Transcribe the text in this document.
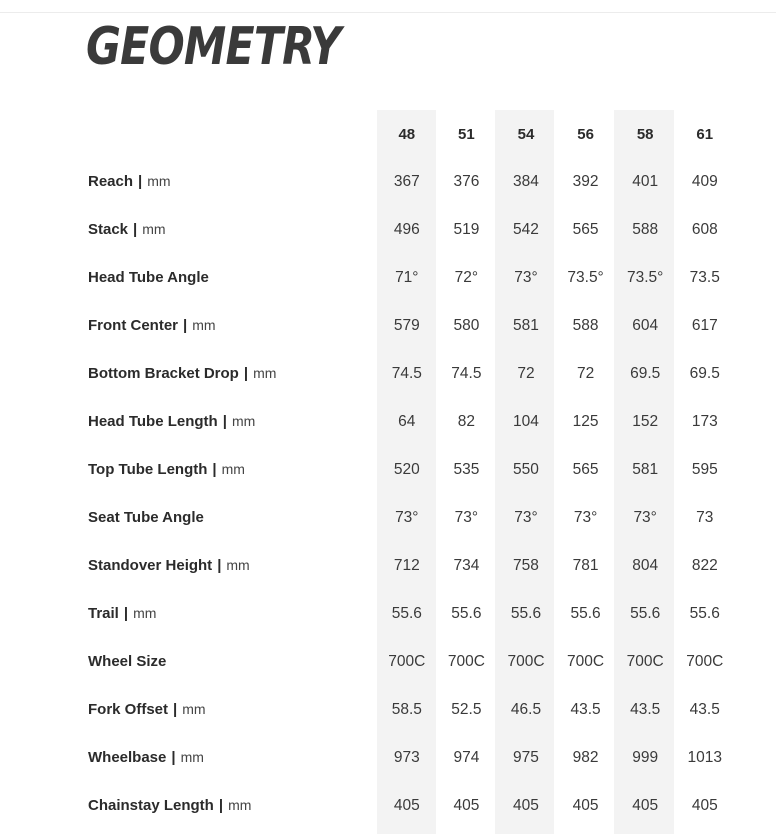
GEOMETRY
	48	51	54	56	58	61
Reach | mm	367	376	384	392	401	409
Stack | mm	496	519	542	565	588	608
Head Tube Angle	71°	72°	73°	73.5°	73.5°	73.5
Front Center | mm	579	580	581	588	604	617
Bottom Bracket Drop | mm	74.5	74.5	72	72	69.5	69.5
Head Tube Length | mm	64	82	104	125	152	173
Top Tube Length | mm	520	535	550	565	581	595
Seat Tube Angle	73°	73°	73°	73°	73°	73
Standover Height | mm	712	734	758	781	804	822
Trail | mm	55.6	55.6	55.6	55.6	55.6	55.6
Wheel Size	700C	700C	700C	700C	700C	700C
Fork Offset | mm	58.5	52.5	46.5	43.5	43.5	43.5
Wheelbase | mm	973	974	975	982	999	1013
Chainstay Length | mm	405	405	405	405	405	405
